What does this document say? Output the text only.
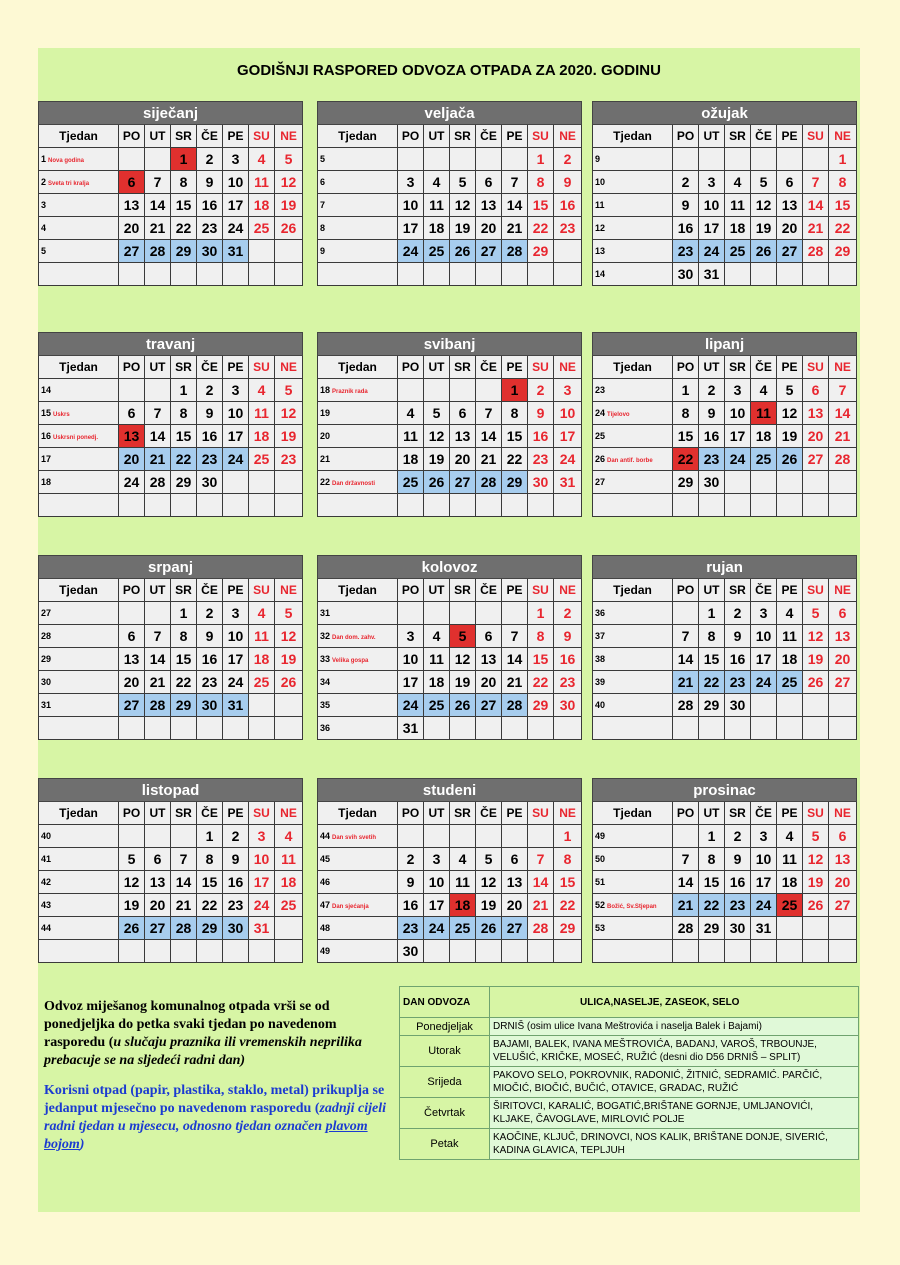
GODIŠNJI RASPORED ODVOZA OTPADA ZA 2020. GODINU
siječanj							
Tjedan	PO	UT	SR	ČE	PE	SU	NE
1 Nova godina			1	2	3	4	5
2 Sveta tri kralja	6	7	8	9	10	11	12
3	13	14	15	16	17	18	19
4	20	21	22	23	24	25	26
5	27	28	29	30	31		

veljača							
Tjedan	PO	UT	SR	ČE	PE	SU	NE
5						1	2
6	3	4	5	6	7	8	9
7	10	11	12	13	14	15	16
8	17	18	19	20	21	22	23
9	24	25	26	27	28	29	

ožujak							
Tjedan	PO	UT	SR	ČE	PE	SU	NE
9							1
10	2	3	4	5	6	7	8
11	9	10	11	12	13	14	15
12	16	17	18	19	20	21	22
13	23	24	25	26	27	28	29
14	30	31					
travanj							
Tjedan	PO	UT	SR	ČE	PE	SU	NE
14			1	2	3	4	5
15 Uskrs	6	7	8	9	10	11	12
16 Uskrsni ponedj.	13	14	15	16	17	18	19
17	20	21	22	23	24	25	23
18	24	28	29	30			

svibanj							
Tjedan	PO	UT	SR	ČE	PE	SU	NE
18 Praznik rada					1	2	3
19	4	5	6	7	8	9	10
20	11	12	13	14	15	16	17
21	18	19	20	21	22	23	24
22 Dan državnosti	25	26	27	28	29	30	31

lipanj							
Tjedan	PO	UT	SR	ČE	PE	SU	NE
23	1	2	3	4	5	6	7
24 Tijelovo	8	9	10	11	12	13	14
25	15	16	17	18	19	20	21
26 Dan antif. borbe	22	23	24	25	26	27	28
27	29	30					

srpanj							
Tjedan	PO	UT	SR	ČE	PE	SU	NE
27			1	2	3	4	5
28	6	7	8	9	10	11	12
29	13	14	15	16	17	18	19
30	20	21	22	23	24	25	26
31	27	28	29	30	31		

kolovoz							
Tjedan	PO	UT	SR	ČE	PE	SU	NE
31						1	2
32 Dan dom. zahv.	3	4	5	6	7	8	9
33 Velika gospa	10	11	12	13	14	15	16
34	17	18	19	20	21	22	23
35	24	25	26	27	28	29	30
36	31						
rujan							
Tjedan	PO	UT	SR	ČE	PE	SU	NE
36		1	2	3	4	5	6
37	7	8	9	10	11	12	13
38	14	15	16	17	18	19	20
39	21	22	23	24	25	26	27
40	28	29	30				

listopad							
Tjedan	PO	UT	SR	ČE	PE	SU	NE
40				1	2	3	4
41	5	6	7	8	9	10	11
42	12	13	14	15	16	17	18
43	19	20	21	22	23	24	25
44	26	27	28	29	30	31	

studeni							
Tjedan	PO	UT	SR	ČE	PE	SU	NE
44 Dan svih svetih							1
45	2	3	4	5	6	7	8
46	9	10	11	12	13	14	15
47 Dan sjećanja	16	17	18	19	20	21	22
48	23	24	25	26	27	28	29
49	30						
prosinac							
Tjedan	PO	UT	SR	ČE	PE	SU	NE
49		1	2	3	4	5	6
50	7	8	9	10	11	12	13
51	14	15	16	17	18	19	20
52 Božić, Sv.Stjepan	21	22	23	24	25	26	27
53	28	29	30	31			

Odvoz miješanog komunalnog otpada vrši se od ponedjeljka do petka svaki tjedan po navedenom rasporedu (u slučaju praznika ili vremenskih neprilika prebacuje se na sljedeći radni dan)

Korisni otpad (papir, plastika, staklo, metal) prikuplja se jedanput mjesečno po navedenom rasporedu (zadnji cijeli radni tjedan u mjesecu, odnosno tjedan označen plavom bojom)

DAN ODVOZA	ULICA,NASELJE, ZASEOK, SELO
Ponedjeljak	DRNIŠ (osim ulice Ivana Meštrovića i naselja Balek i Bajami)
Utorak	BAJAMI, BALEK, IVANA MEŠTROVIĆA, BADANJ, VAROŠ, TRBOUNJE, VELUŠIĆ, KRIČKE, MOSEĆ, RUŽIĆ (desni dio D56 DRNIŠ – SPLIT)
Srijeda	PAKOVO SELO, POKROVNIK, RADONIĆ, ŽITNIĆ, SEDRAMIĆ. PARČIĆ, MIOČIĆ, BIOČIĆ, BUČIĆ, OTAVICE, GRADAC, RUŽIĆ
Četvrtak	ŠIRITOVCI, KARALIĆ, BOGATIĆ,BRIŠTANE GORNJE, UMLJANOVIĆI, KLJAKE, ČAVOGLAVE, MIRLOVIĆ POLJE
Petak	KAOČINE, KLJUČ, DRINOVCI, NOS KALIK, BRIŠTANE DONJE, SIVERIĆ, KADINA GLAVICA, TEPLJUH
